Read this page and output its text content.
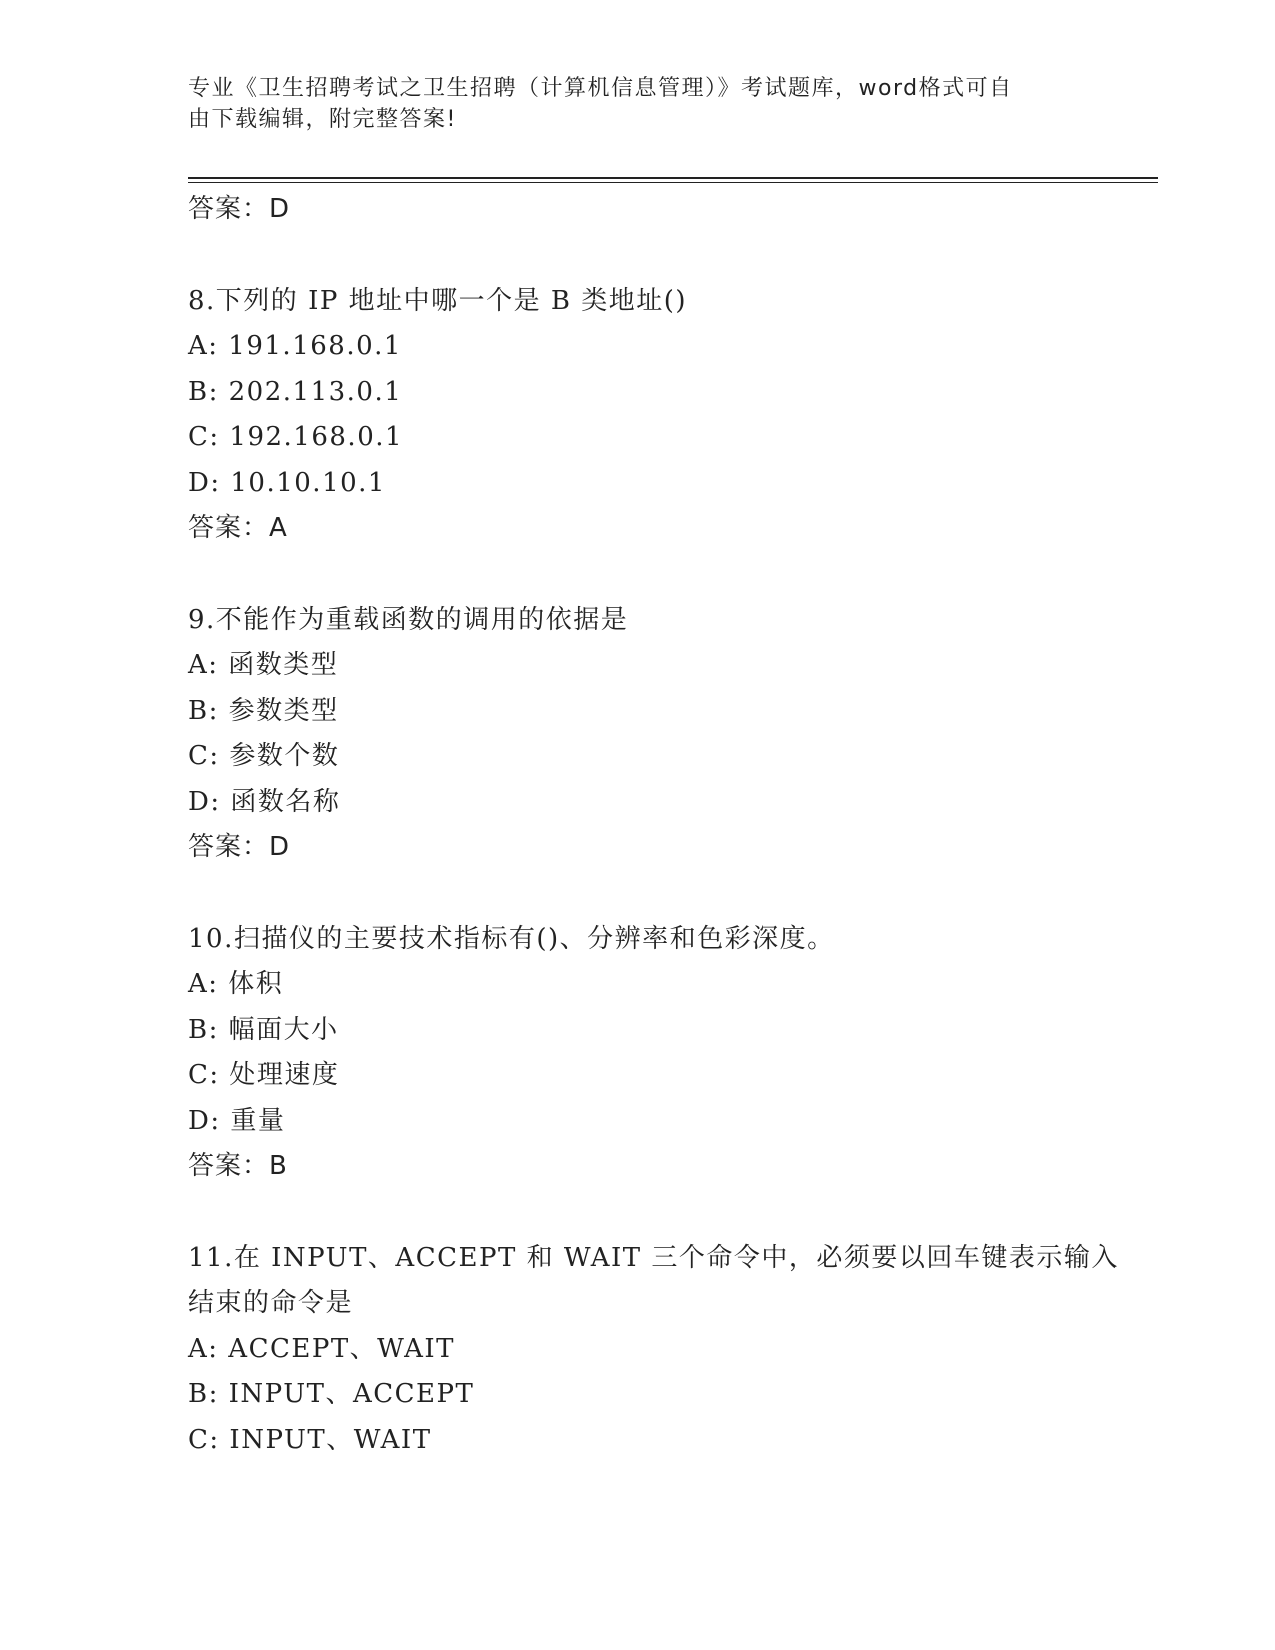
专业《卫生招聘考试之卫生招聘（计算机信息管理）》考试题库，word格式可自
由下载编辑，附完整答案!
答案：D
8.下列的 IP 地址中哪一个是 B 类地址()
A: 191.168.0.1
B: 202.113.0.1
C: 192.168.0.1
D: 10.10.10.1
答案：A
9.不能作为重载函数的调用的依据是
A: 函数类型
B: 参数类型
C: 参数个数
D: 函数名称
答案：D
10.扫描仪的主要技术指标有()、分辨率和色彩深度。
A: 体积
B: 幅面大小
C: 处理速度
D: 重量
答案：B
11.在 INPUT、ACCEPT 和 WAIT 三个命令中，必须要以回车键表示输入
结束的命令是
A: ACCEPT、WAIT
B: INPUT、ACCEPT
C: INPUT、WAIT
